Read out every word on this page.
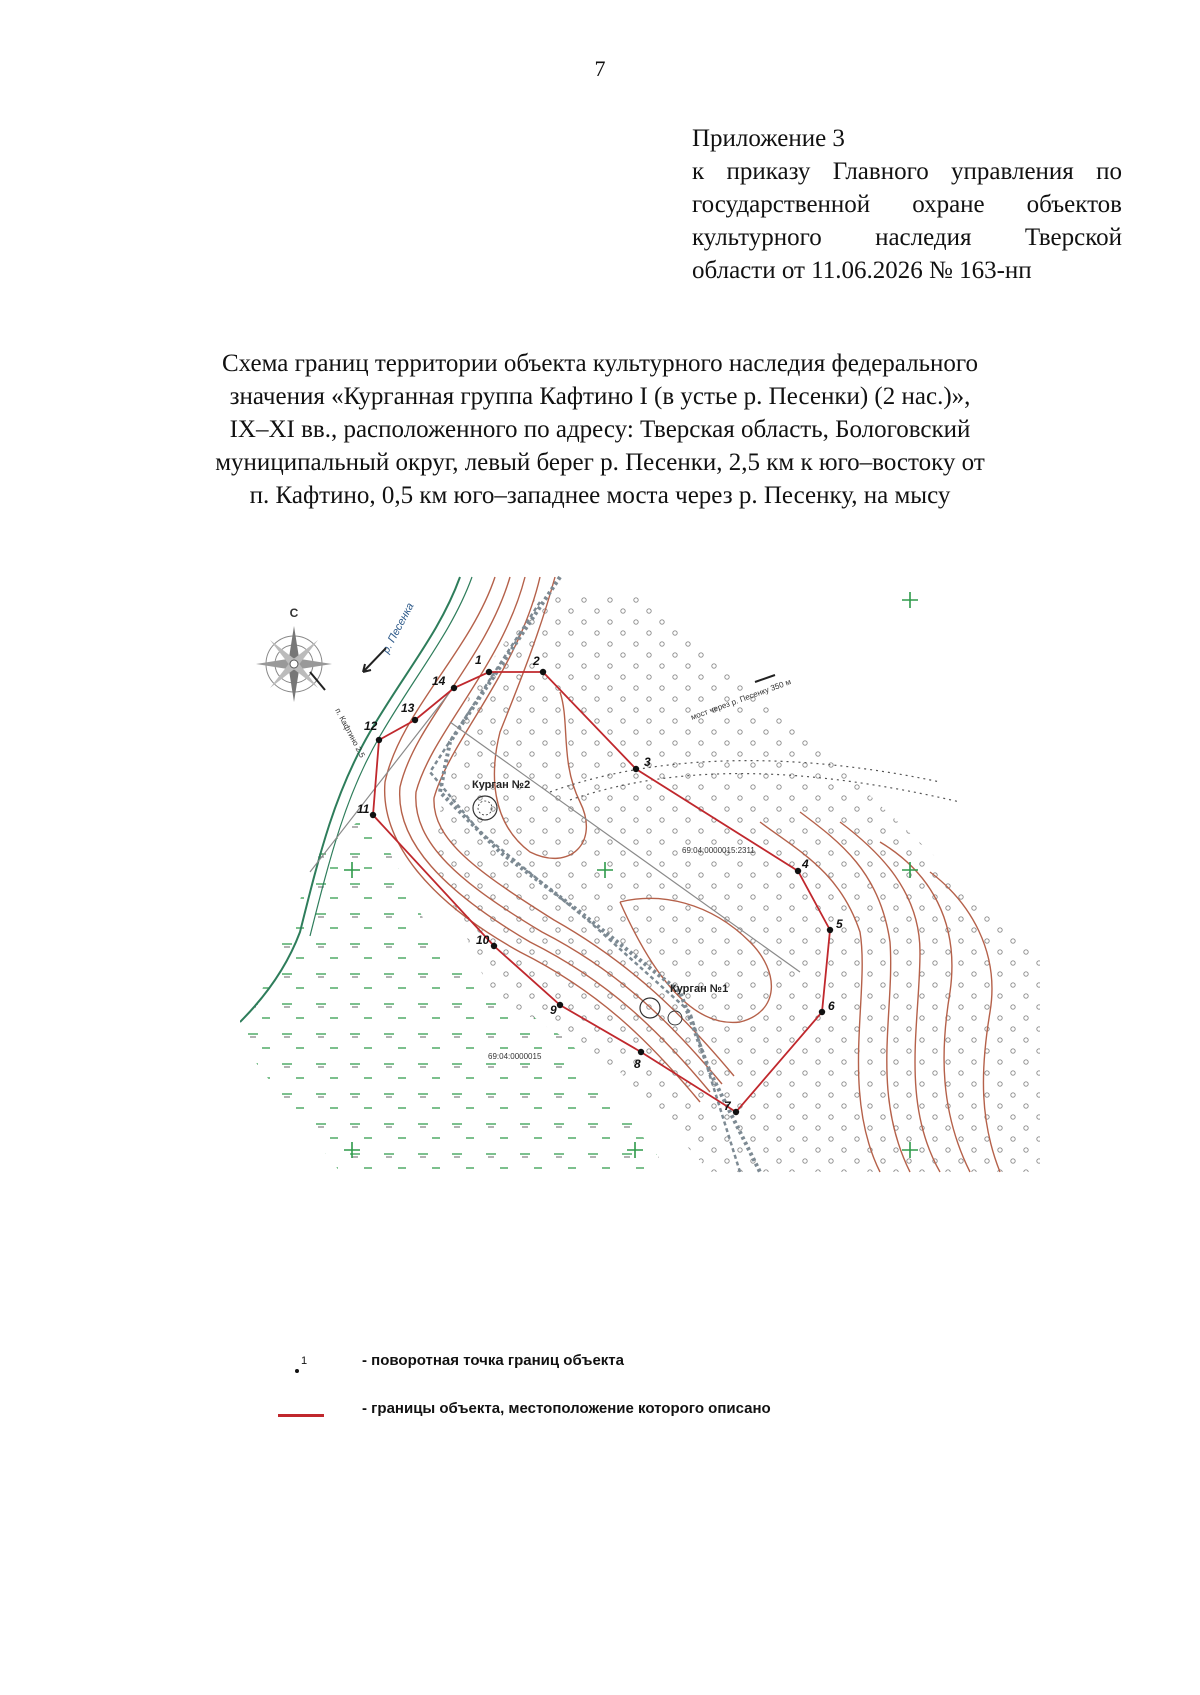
7
Приложение 3
к приказу Главного управления по
государственной охране объектов
культурного наследия Тверской
области от 11.06.2026 № 163-нп
Схема границ территории объекта культурного наследия федерального
значения «Курганная группа Кафтино I (в устье р. Песенки) (2 нас.)»,
IX–XI вв., расположенного по адресу: Тверская область, Бологовский
муниципальный округ, левый берег р. Песенки, 2,5 км к юго–востоку от
п. Кафтино, 0,5 км юго–западнее моста через р. Песенку, на мысу
С	р. Песенка
п. Кафтино 2,5
мост через р. Песенку 350 м
Курган №2
Курган №1
69:04:0000015:2311
69:04:0000015
1	2
3
4
5
6
7
8
9
10
11
12
13
14
1	- поворотная точка границ объекта
- границы объекта, местоположение которого описано
